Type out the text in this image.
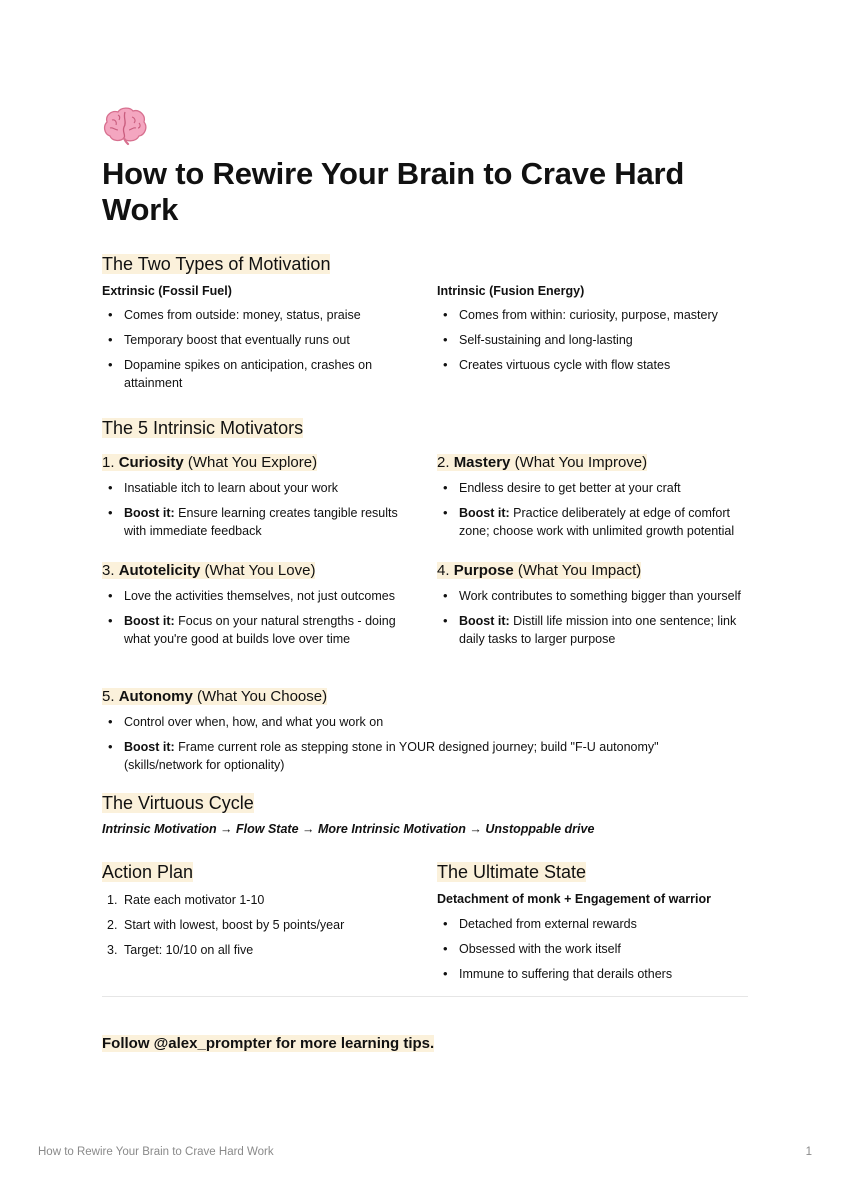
How to Rewire Your Brain to Crave Hard Work
The Two Types of Motivation
Extrinsic (Fossil Fuel)
• Comes from outside: money, status, praise
• Temporary boost that eventually runs out
• Dopamine spikes on anticipation, crashes on attainment
Intrinsic (Fusion Energy)
• Comes from within: curiosity, purpose, mastery
• Self-sustaining and long-lasting
• Creates virtuous cycle with flow states
The 5 Intrinsic Motivators
1. Curiosity (What You Explore)
• Insatiable itch to learn about your work
• Boost it: Ensure learning creates tangible results with immediate feedback
2. Mastery (What You Improve)
• Endless desire to get better at your craft
• Boost it: Practice deliberately at edge of comfort zone; choose work with unlimited growth potential
3. Autotelicity (What You Love)
• Love the activities themselves, not just outcomes
• Boost it: Focus on your natural strengths - doing what you're good at builds love over time
4. Purpose (What You Impact)
• Work contributes to something bigger than yourself
• Boost it: Distill life mission into one sentence; link daily tasks to larger purpose
5. Autonomy (What You Choose)
• Control over when, how, and what you work on
• Boost it: Frame current role as stepping stone in YOUR designed journey; build "F-U autonomy" (skills/network for optionality)
The Virtuous Cycle
Intrinsic Motivation → Flow State → More Intrinsic Motivation → Unstoppable drive
Action Plan
1. Rate each motivator 1-10
2. Start with lowest, boost by 5 points/year
3. Target: 10/10 on all five
The Ultimate State
Detachment of monk + Engagement of warrior
• Detached from external rewards
• Obsessed with the work itself
• Immune to suffering that derails others
Follow @alex_prompter for more learning tips.
How to Rewire Your Brain to Crave Hard Work	1
